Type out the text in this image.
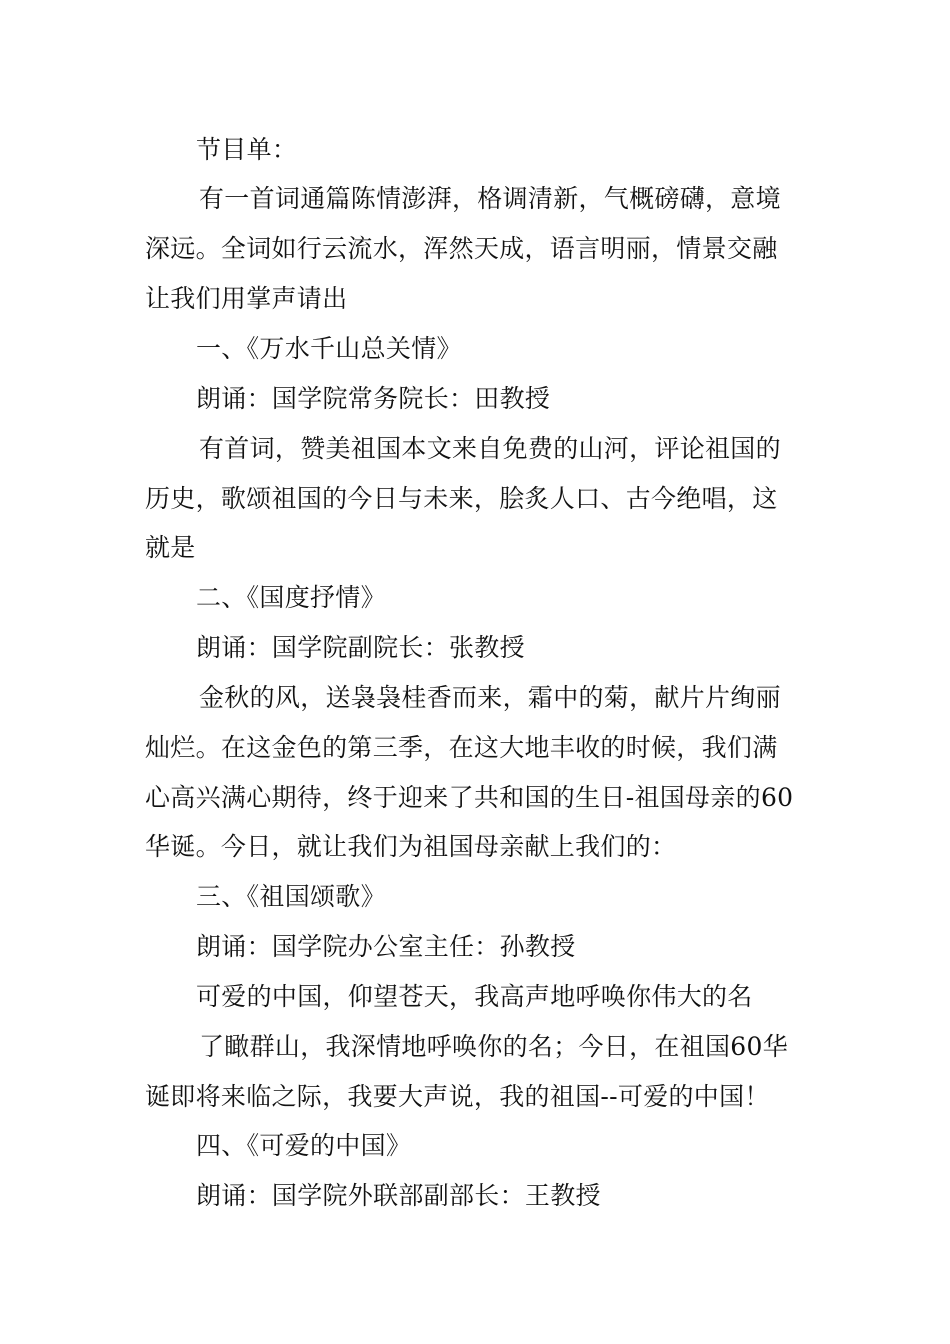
节目单：
有一首词通篇陈情澎湃，格调清新，气概磅礴，意境
深远。全词如行云流水，浑然天成，语言明丽，情景交融
让我们用掌声请出
一、《万水千山总关情》
朗诵：国学院常务院长：田教授
有首词，赞美祖国本文来自免费的山河，评论祖国的
历史，歌颂祖国的今日与未来，脍炙人口、古今绝唱，这
就是
二、《国度抒情》
朗诵：国学院副院长：张教授
金秋的风，送袅袅桂香而来，霜中的菊，献片片绚丽
灿烂。在这金色的第三季，在这大地丰收的时候，我们满
心高兴满心期待，终于迎来了共和国的生日-祖国母亲的60
华诞。今日，就让我们为祖国母亲献上我们的：
三、《祖国颂歌》
朗诵：国学院办公室主任：孙教授
可爱的中国，仰望苍天，我高声地呼唤你伟大的名
了瞰群山，我深情地呼唤你的名；今日，在祖国60华
诞即将来临之际，我要大声说，我的祖国--可爱的中国！
四、《可爱的中国》
朗诵：国学院外联部副部长：王教授
